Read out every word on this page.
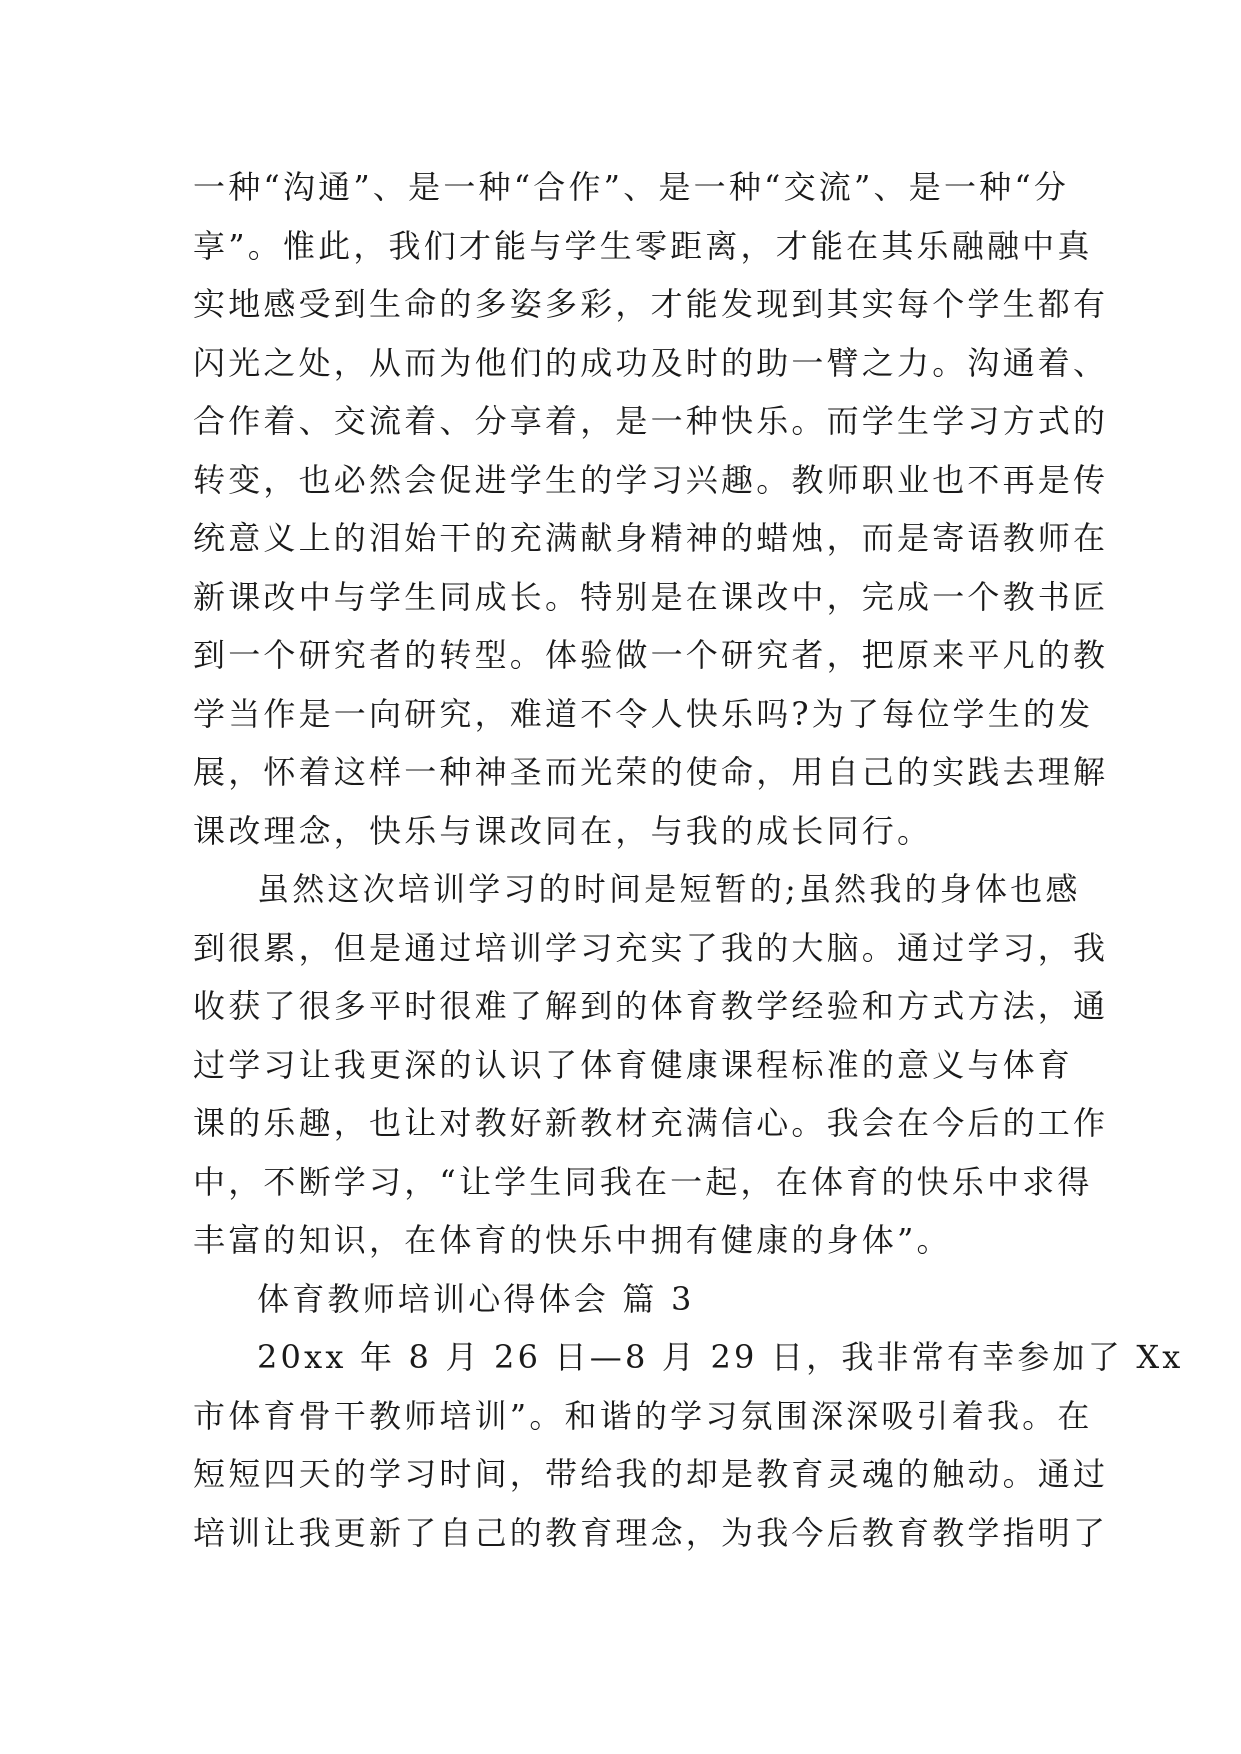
一种“沟通”、是一种“合作”、是一种“交流”、是一种“分
享”。惟此，我们才能与学生零距离，才能在其乐融融中真
实地感受到生命的多姿多彩，才能发现到其实每个学生都有
闪光之处，从而为他们的成功及时的助一臂之力。沟通着、
合作着、交流着、分享着，是一种快乐。而学生学习方式的
转变，也必然会促进学生的学习兴趣。教师职业也不再是传
统意义上的泪始干的充满献身精神的蜡烛，而是寄语教师在
新课改中与学生同成长。特别是在课改中，完成一个教书匠
到一个研究者的转型。体验做一个研究者，把原来平凡的教
学当作是一向研究，难道不令人快乐吗?为了每位学生的发
展，怀着这样一种神圣而光荣的使命，用自己的实践去理解
课改理念，快乐与课改同在，与我的成长同行。
虽然这次培训学习的时间是短暂的;虽然我的身体也感
到很累，但是通过培训学习充实了我的大脑。通过学习，我
收获了很多平时很难了解到的体育教学经验和方式方法，通
过学习让我更深的认识了体育健康课程标准的意义与体育
课的乐趣，也让对教好新教材充满信心。我会在今后的工作
中，不断学习，“让学生同我在一起，在体育的快乐中求得
丰富的知识，在体育的快乐中拥有健康的身体”。
体育教师培训心得体会 篇 3
20xx 年 8 月 26 日—8 月 29 日，我非常有幸参加了 Xx
市体育骨干教师培训”。和谐的学习氛围深深吸引着我。在
短短四天的学习时间，带给我的却是教育灵魂的触动。通过
培训让我更新了自己的教育理念，为我今后教育教学指明了
